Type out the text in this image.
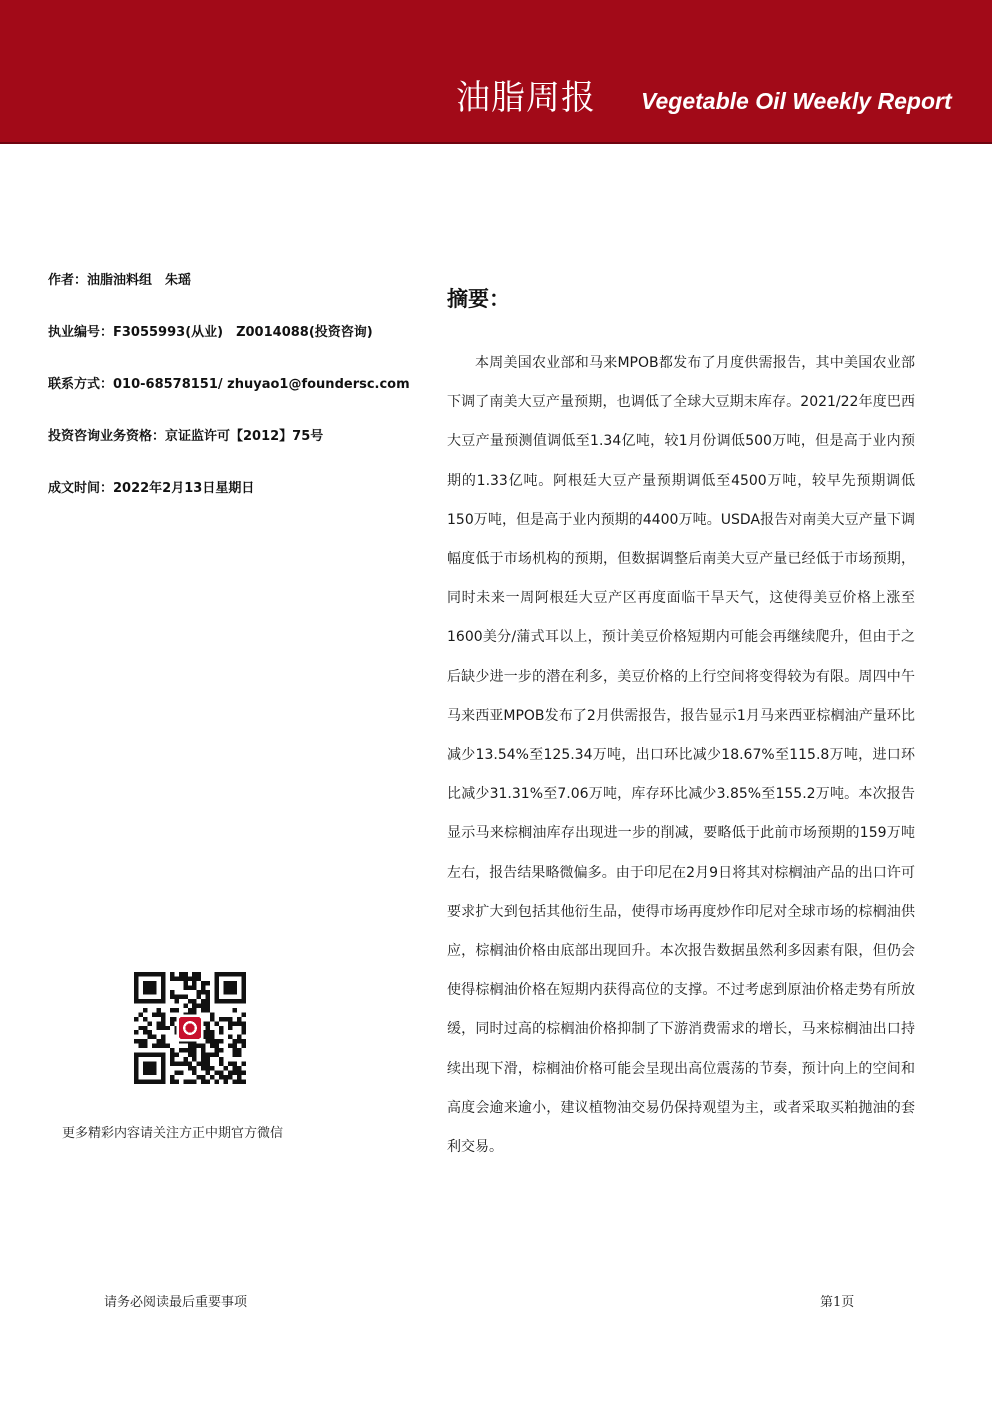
油脂周报 Vegetable Oil Weekly Report
作者：油脂油料组　朱瑶
执业编号：F3055993(从业)　Z0014088(投资咨询)
联系方式：010-68578151/ zhuyao1@foundersc.com
投资咨询业务资格：京证监许可【2012】75号
成文时间：2022年2月13日星期日
摘要：

本周美国农业部和马来MPOB都发布了月度供需报告，其中美国农业部下调了南美大豆产量预期，也调低了全球大豆期末库存。2021/22年度巴西大豆产量预测值调低至1.34亿吨，较1月份调低500万吨，但是高于业内预期的1.33亿吨。阿根廷大豆产量预期调低至4500万吨，较早先预期调低150万吨，但是高于业内预期的4400万吨。USDA报告对南美大豆产量下调幅度低于市场机构的预期，但数据调整后南美大豆产量已经低于市场预期，同时未来一周阿根廷大豆产区再度面临干旱天气，这使得美豆价格上涨至1600美分/蒲式耳以上，预计美豆价格短期内可能会再继续爬升，但由于之后缺少进一步的潜在利多，美豆价格的上行空间将变得较为有限。周四中午马来西亚MPOB发布了2月供需报告，报告显示1月马来西亚棕榈油产量环比减少13.54%至125.34万吨，出口环比减少18.67%至115.8万吨，进口环比减少31.31%至7.06万吨，库存环比减少3.85%至155.2万吨。本次报告显示马来棕榈油库存出现进一步的削减，要略低于此前市场预期的159万吨左右，报告结果略微偏多。由于印尼在2月9日将其对棕榈油产品的出口许可要求扩大到包括其他衍生品，使得市场再度炒作印尼对全球市场的棕榈油供应，棕榈油价格由底部出现回升。本次报告数据虽然利多因素有限，但仍会使得棕榈油价格在短期内获得高位的支撑。不过考虑到原油价格走势有所放缓，同时过高的棕榈油价格抑制了下游消费需求的增长，马来棕榈油出口持续出现下滑，棕榈油价格可能会呈现出高位震荡的节奏，预计向上的空间和高度会逾来逾小，建议植物油交易仍保持观望为主，或者采取买粕抛油的套利交易。

更多精彩内容请关注方正中期官方微信
请务必阅读最后重要事项	第1页
